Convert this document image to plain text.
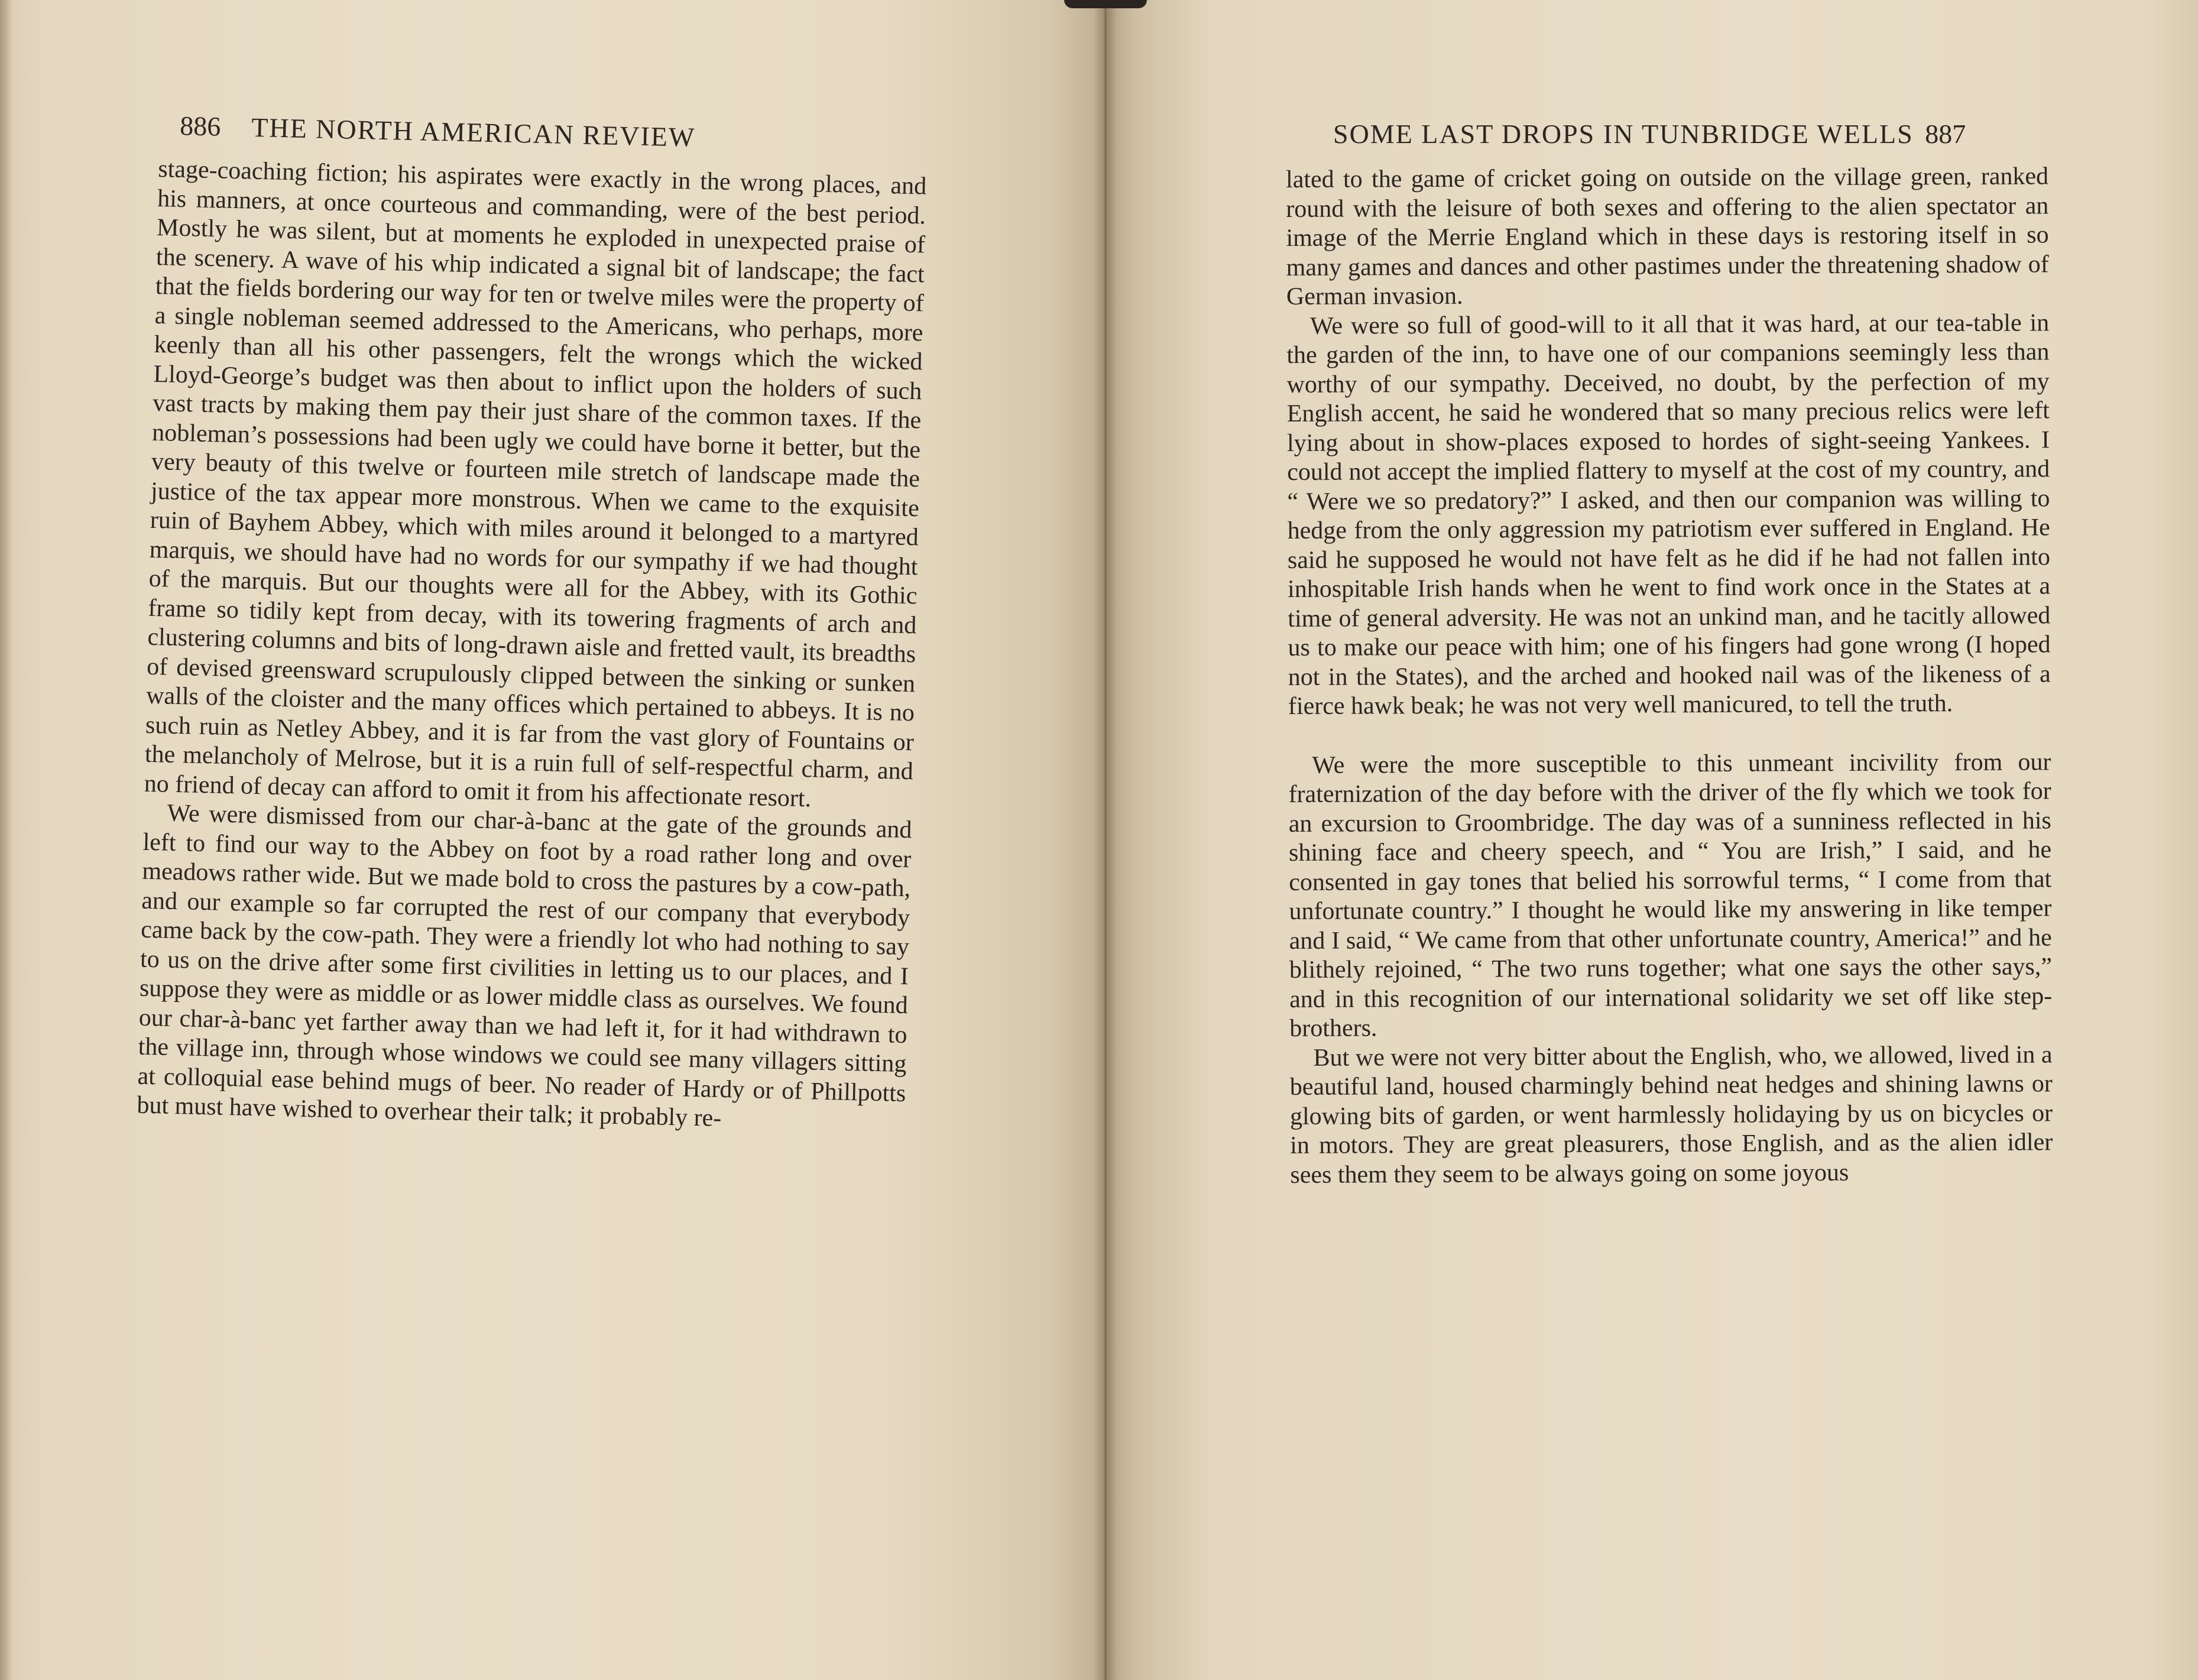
886 THE NORTH AMERICAN REVIEW

stage-coaching fiction; his aspirates were exactly in the wrong places, and his manners, at once courteous and commanding, were of the best period. Mostly he was silent, but at moments he exploded in unexpected praise of the scenery. A wave of his whip indicated a signal bit of landscape; the fact that the fields bordering our way for ten or twelve miles were the property of a single nobleman seemed addressed to the Americans, who perhaps, more keenly than all his other passengers, felt the wrongs which the wicked Lloyd-George’s budget was then about to inflict upon the holders of such vast tracts by making them pay their just share of the common taxes. If the nobleman’s possessions had been ugly we could have borne it better, but the very beauty of this twelve or fourteen mile stretch of landscape made the justice of the tax appear more monstrous. When we came to the exquisite ruin of Bayhem Abbey, which with miles around it belonged to a martyred marquis, we should have had no words for our sympathy if we had thought of the marquis. But our thoughts were all for the Abbey, with its Gothic frame so tidily kept from decay, with its towering fragments of arch and clustering columns and bits of long-drawn aisle and fretted vault, its breadths of devised greensward scrupulously clipped between the sinking or sunken walls of the cloister and the many offices which pertained to abbeys. It is no such ruin as Netley Abbey, and it is far from the vast glory of Fountains or the melancholy of Melrose, but it is a ruin full of self-respectful charm, and no friend of decay can afford to omit it from his affectionate resort.

We were dismissed from our char-à-banc at the gate of the grounds and left to find our way to the Abbey on foot by a road rather long and over meadows rather wide. But we made bold to cross the pastures by a cow-path, and our example so far corrupted the rest of our company that everybody came back by the cow-path. They were a friendly lot who had nothing to say to us on the drive after some first civilities in letting us to our places, and I suppose they were as middle or as lower middle class as ourselves. We found our char-à-banc yet farther away than we had left it, for it had withdrawn to the village inn, through whose windows we could see many villagers sitting at colloquial ease behind mugs of beer. No reader of Hardy or of Phillpotts but must have wished to overhear their talk; it probably re-

SOME LAST DROPS IN TUNBRIDGE WELLS 887

lated to the game of cricket going on outside on the village green, ranked round with the leisure of both sexes and offering to the alien spectator an image of the Merrie England which in these days is restoring itself in so many games and dances and other pastimes under the threatening shadow of German invasion.

We were so full of good-will to it all that it was hard, at our tea-table in the garden of the inn, to have one of our companions seemingly less than worthy of our sympathy. Deceived, no doubt, by the perfection of my English accent, he said he wondered that so many precious relics were left lying about in show-places exposed to hordes of sight-seeing Yankees. I could not accept the implied flattery to myself at the cost of my country, and “ Were we so predatory?” I asked, and then our companion was willing to hedge from the only aggression my patriotism ever suffered in England. He said he supposed he would not have felt as he did if he had not fallen into inhospitable Irish hands when he went to find work once in the States at a time of general adversity. He was not an unkind man, and he tacitly allowed us to make our peace with him; one of his fingers had gone wrong (I hoped not in the States), and the arched and hooked nail was of the likeness of a fierce hawk beak; he was not very well manicured, to tell the truth.

We were the more susceptible to this unmeant incivility from our fraternization of the day before with the driver of the fly which we took for an excursion to Groombridge. The day was of a sunniness reflected in his shining face and cheery speech, and “ You are Irish,” I said, and he consented in gay tones that belied his sorrowful terms, “ I come from that unfortunate country.” I thought he would like my answering in like temper and I said, “ We came from that other unfortunate country, America!” and he blithely rejoined, “ The two runs together; what one says the other says,” and in this recognition of our international solidarity we set off like step-brothers.

But we were not very bitter about the English, who, we allowed, lived in a beautiful land, housed charmingly behind neat hedges and shining lawns or glowing bits of garden, or went harmlessly holidaying by us on bicycles or in motors. They are great pleasurers, those English, and as the alien idler sees them they seem to be always going on some joyous
